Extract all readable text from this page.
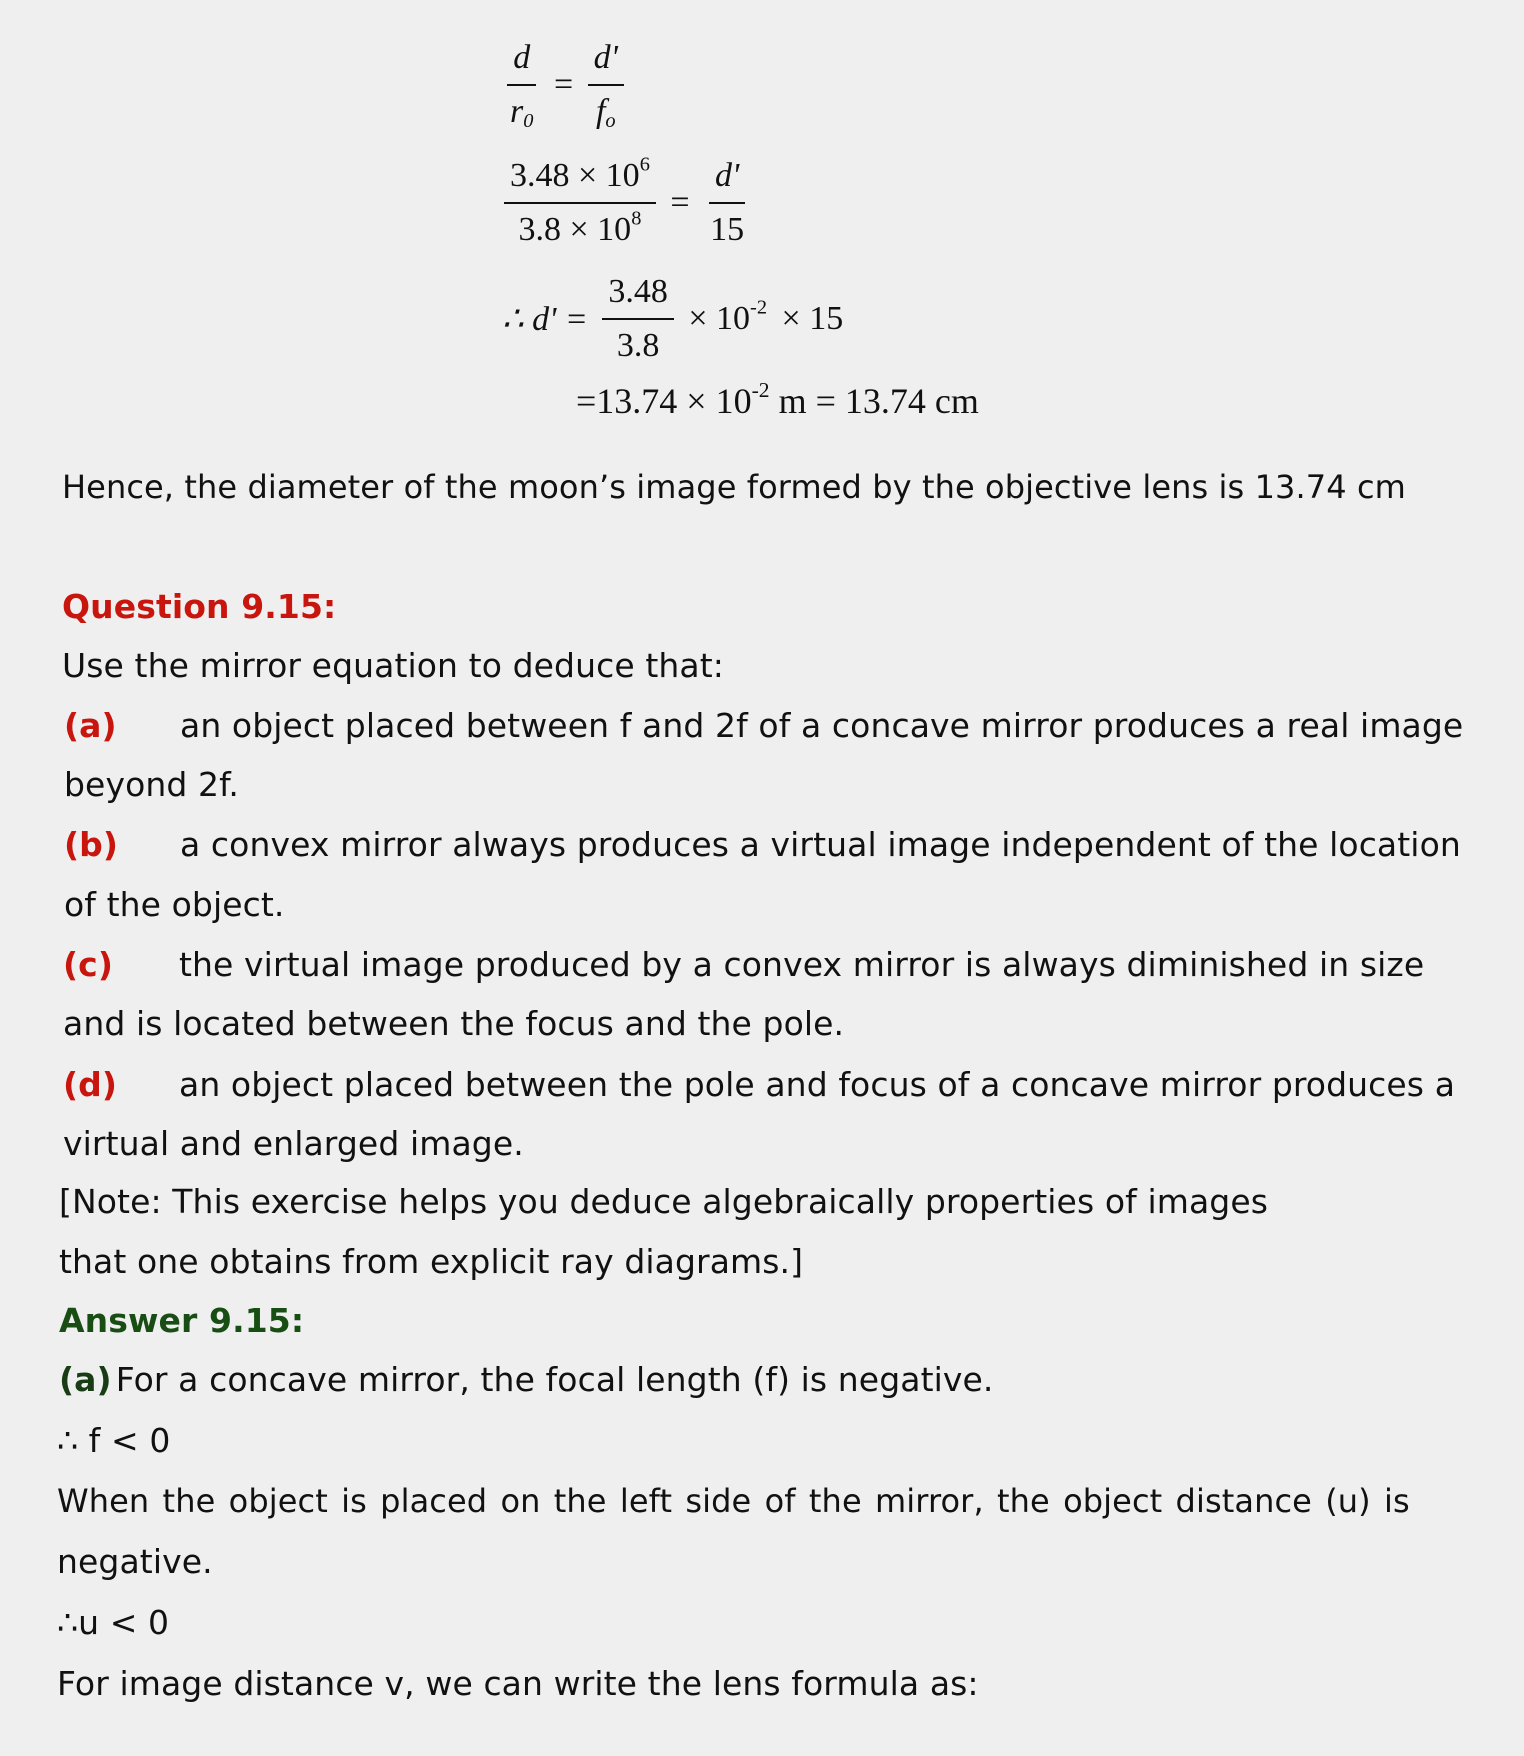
$\frac{d}{r_0} = \frac{d'}{f_o}$
$\frac{3.48 \times 10^6}{3.8 \times 10^8} = \frac{d'}{15}$
∴ $d' = \frac{3.48}{3.8} \times 10^{-2} \times 15$
$=13.74 \times 10^{-2}$ m = 13.74 cm
Hence, the diameter of the moon’s image formed by the objective lens is 13.74 cm
Question 9.15:
Use the mirror equation to deduce that:
(a) an object placed between f and 2f of a concave mirror produces a real image
beyond 2f.
(b) a convex mirror always produces a virtual image independent of the location
of the object.
(c) the virtual image produced by a convex mirror is always diminished in size
and is located between the focus and the pole.
(d) an object placed between the pole and focus of a concave mirror produces a
virtual and enlarged image.
[Note: This exercise helps you deduce algebraically properties of images
that one obtains from explicit ray diagrams.]
Answer 9.15:
(a) For a concave mirror, the focal length (f) is negative.
∴ f < 0
When the object is placed on the left side of the mirror, the object distance (u) is
negative.
∴u < 0
For image distance v, we can write the lens formula as:
